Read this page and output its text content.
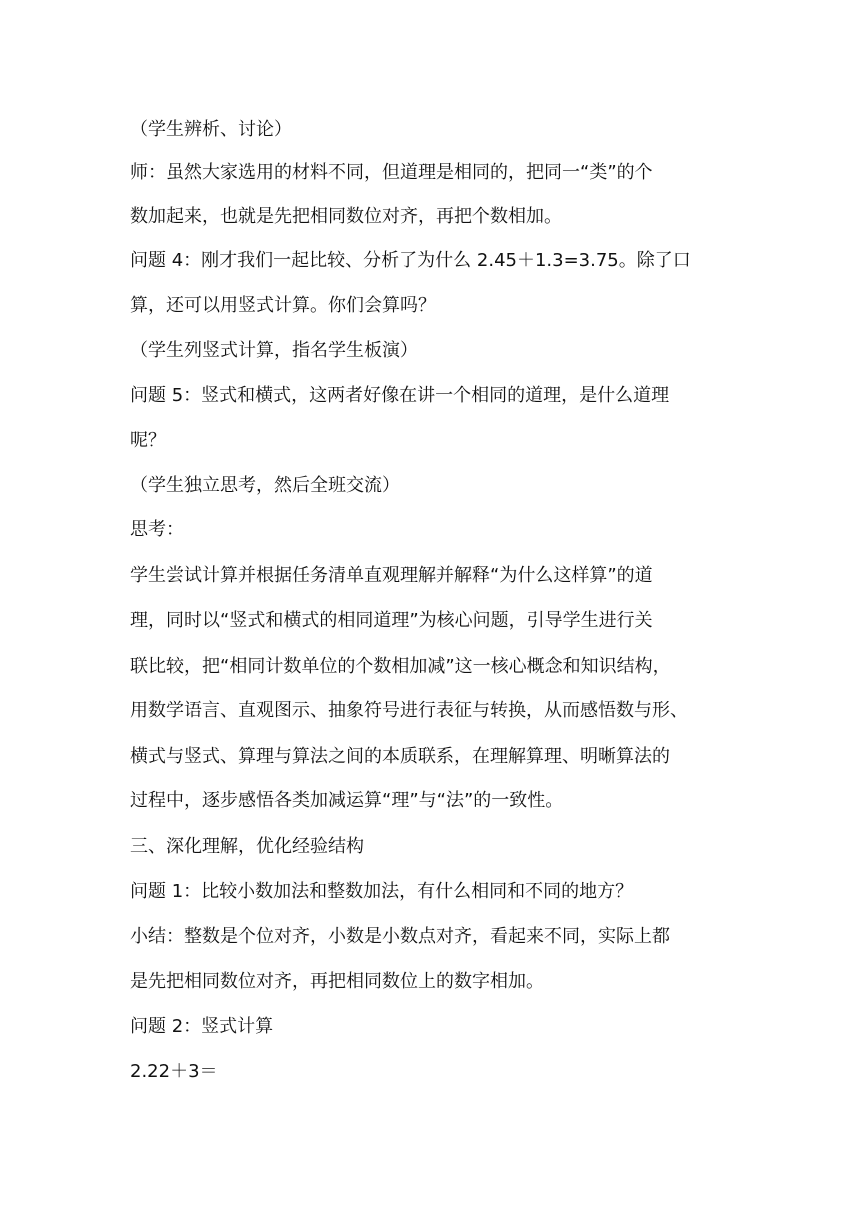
（学生辨析、讨论）
师：虽然大家选用的材料不同，但道理是相同的，把同一“类”的个
数加起来，也就是先把相同数位对齐，再把个数相加。
问题 4：刚才我们一起比较、分析了为什么 2.45＋1.3=3.75。除了口
算，还可以用竖式计算。你们会算吗？
（学生列竖式计算，指名学生板演）
问题 5：竖式和横式，这两者好像在讲一个相同的道理，是什么道理
呢？
（学生独立思考，然后全班交流）
思考：
学生尝试计算并根据任务清单直观理解并解释“为什么这样算”的道
理，同时以“竖式和横式的相同道理”为核心问题，引导学生进行关
联比较，把“相同计数单位的个数相加减”这一核心概念和知识结构，
用数学语言、直观图示、抽象符号进行表征与转换，从而感悟数与形、
横式与竖式、算理与算法之间的本质联系，在理解算理、明晰算法的
过程中，逐步感悟各类加减运算“理”与“法”的一致性。
三、深化理解，优化经验结构
问题 1：比较小数加法和整数加法，有什么相同和不同的地方？
小结：整数是个位对齐，小数是小数点对齐，看起来不同，实际上都
是先把相同数位对齐，再把相同数位上的数字相加。
问题 2：竖式计算
2.22＋3＝
